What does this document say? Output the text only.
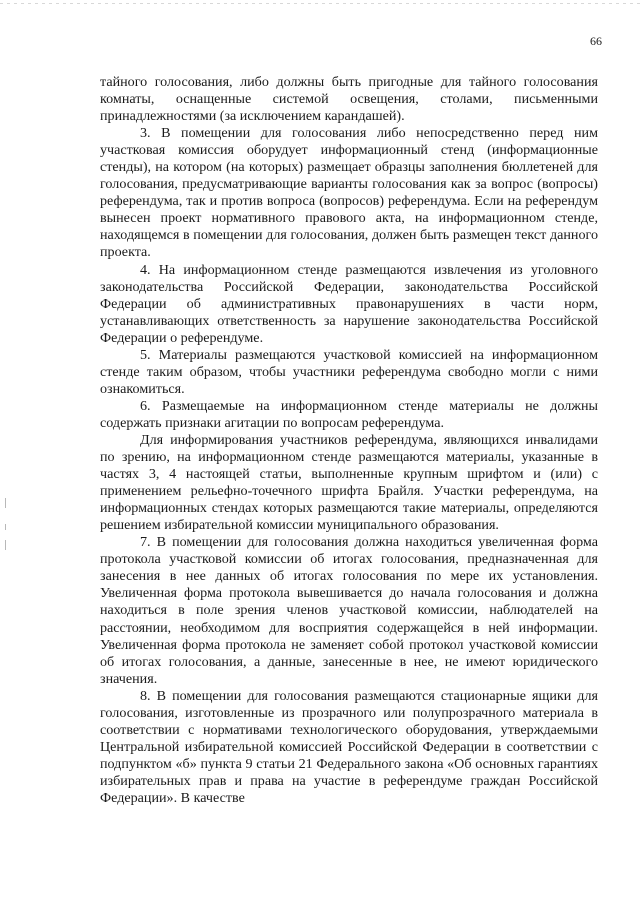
66

тайного голосования, либо должны быть пригодные для тайного голосования комнаты, оснащенные системой освещения, столами, письменными принадлежностями (за исключением карандашей).

3. В помещении для голосования либо непосредственно перед ним участковая комиссия оборудует информационный стенд (информационные стенды), на котором (на которых) размещает образцы заполнения бюллетеней для голосования, предусматривающие варианты голосования как за вопрос (вопросы) референдума, так и против вопроса (вопросов) референдума. Если на референдум вынесен проект нормативного правового акта, на информационном стенде, находящемся в помещении для голосования, должен быть размещен текст данного проекта.

4. На информационном стенде размещаются извлечения из уголовного законодательства Российской Федерации, законодательства Российской Федерации об административных правонарушениях в части норм, устанавливающих ответственность за нарушение законодательства Российской Федерации о референдуме.

5. Материалы размещаются участковой комиссией на информационном стенде таким образом, чтобы участники референдума свободно могли с ними ознакомиться.

6. Размещаемые на информационном стенде материалы не должны содержать признаки агитации по вопросам референдума.

Для информирования участников референдума, являющихся инвалидами по зрению, на информационном стенде размещаются материалы, указанные в частях 3, 4 настоящей статьи, выполненные крупным шрифтом и (или) с применением рельефно-точечного шрифта Брайля. Участки референдума, на информационных стендах которых размещаются такие материалы, определяются решением избирательной комиссии муниципального образования.

7. В помещении для голосования должна находиться увеличенная форма протокола участковой комиссии об итогах голосования, предназначенная для занесения в нее данных об итогах голосования по мере их установления. Увеличенная форма протокола вывешивается до начала голосования и должна находиться в поле зрения членов участковой комиссии, наблюдателей на расстоянии, необходимом для восприятия содержащейся в ней информации. Увеличенная форма протокола не заменяет собой протокол участковой комиссии об итогах голосования, а данные, занесенные в нее, не имеют юридического значения.

8. В помещении для голосования размещаются стационарные ящики для голосования, изготовленные из прозрачного или полупрозрачного материала в соответствии с нормативами технологического оборудования, утверждаемыми Центральной избирательной комиссией Российской Федерации в соответствии с подпунктом «б» пункта 9 статьи 21 Федерального закона «Об основных гарантиях избирательных прав и права на участие в референдуме граждан Российской Федерации». В качестве
